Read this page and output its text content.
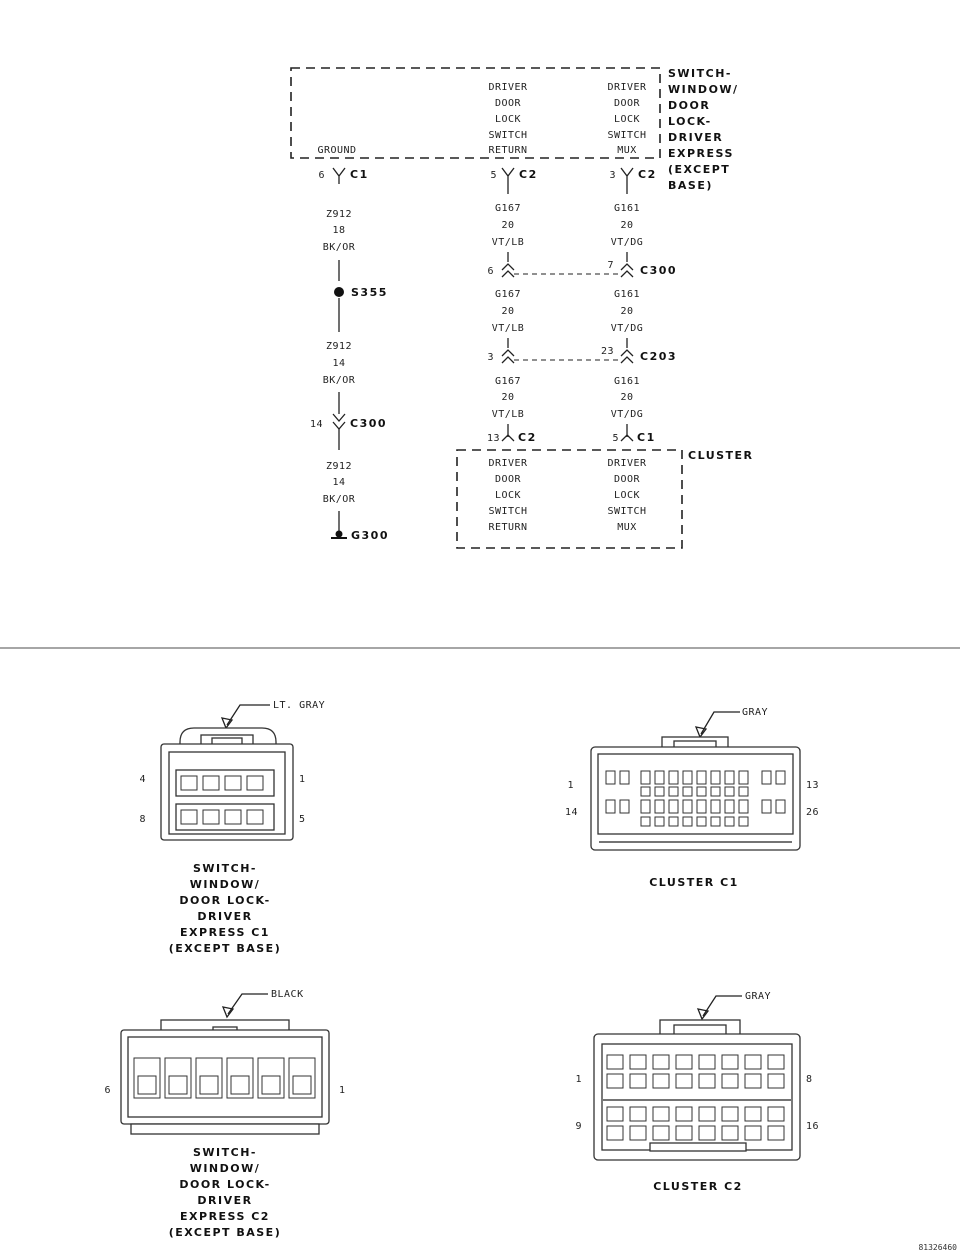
SWITCH-
WINDOW/
DOOR
LOCK-
DRIVER
EXPRESS
(EXCEPT
BASE)
GROUND
DRIVER
DOOR
LOCK
SWITCH
RETURN
DRIVER
DOOR
LOCK
SWITCH
MUX
6 C1	5 C2	3 C2
Z912
18
BK/OR
S355
Z912
14
BK/OR
14 C300
Z912
14
BK/OR
G300
G167
20
VT/LB
6
G167
20
VT/LB
3
G167
20
VT/LB
13 C2
G161
20
VT/DG
7 C300
G161
20
VT/DG
23 C203
G161
20
VT/DG
5 C1
CLUSTER
DRIVER
DOOR
LOCK
SWITCH
RETURN
DRIVER
DOOR
LOCK
SWITCH
MUX
LT. GRAY
4	1
8	5
SWITCH-
WINDOW/
DOOR LOCK-
DRIVER
EXPRESS C1
(EXCEPT BASE)
GRAY
1	13
14	26
CLUSTER C1
BLACK
6	1
SWITCH-
WINDOW/
DOOR LOCK-
DRIVER
EXPRESS C2
(EXCEPT BASE)
GRAY
1	8
9	16
CLUSTER C2
81326460
